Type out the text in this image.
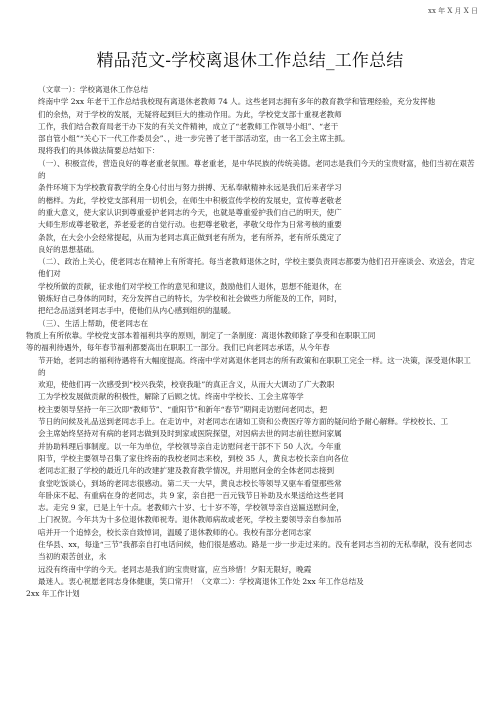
xx 年 X 月 X 日
精品范文-学校离退休工作总结_工作总结

（文章一）：学校离退休工作总结

终南中学 2xx 年老干工作总结我校现有离退休老教师 74 人。这些老同志拥有多年的教育教学和管理经验，充分发挥他

们的余热，对于学校的发展，无疑将起到巨大的推动作用。为此，学校党支部十重视老教师

工作，我们结合教育局老干办下发的有关文件精神，成立了“老教师工作领导小组”、“老干

部自管小组”“关心下一代工作委员会”、，进一步完善了老干部活动室，由一名工会主席主抓。

现将我们的具体做法简要总结如下：

（一）、积极宣传，营造良好的尊老重老氛围。尊老重老，是中华民族的传统美德。老同志是我们今天的宝贵财富，他们当初在艰苦的

条件环境下为学校教育教学的全身心付出与努力拼搏、无私奉献精神永远是我们后来者学习

的楷样。为此，学校党支部利用一切机会，在师生中积极宣传学校的发展史，宣传尊老敬老

的重大意义，使大家认识到尊重爱护老同志的今天，也就是尊重爱护我们自己的明天，使广

大师生形成尊老敬老，养老爱老的自觉行动。也把尊老敬老，孝敬父母作为日常考核的重要

条款，在大会小会经常提起，从而为老同志真正做到老有所为，老有所养，老有所乐奠定了

良好的思想基础。

（二）、政治上关心，使老同志在精神上有所寄托。每当老教师退休之时，学校主要负责同志都要为他们召开座谈会、欢送会，肯定他们对

学校所做的贡献，征求他们对学校工作的意见和建议，鼓励他们人退休，思想不能退休，在

锻炼好自己身体的同时，充分发挥自己的特长，为学校和社会做些力所能及的工作，同时，

把纪念品送到老同志手中，使他们从内心感到组织的温暖。

（三）、生活上帮助，使老同志在

物质上有所依靠。学校党支部本着福利共享的原则，制定了一条制度：离退休教师除了享受和在职职工同

等的福利待遇外，每年春节福利都要高出在职职工一部分。我们已向老同志承诺，从今年春

节开始，老同志的福利待遇将有大幅度提高。终南中学对离退休老同志的所有政策和在职职工完全一样。这一决策，深受退休职工的

欢迎，使他们再一次感受到“校兴我荣，校衰我耻”的真正含义，从而大大调动了广大教职

工为学校发展做贡献的积极性，解除了后顾之忧。终南中学校长、工会主席等学

校主要领导坚持一年三次即“教师节”、“重阳节”和新年“春节”期间走访慰问老同志，把

节日的问候及礼品送到老同志手上。在走访中，对老同志在诸如工资和公费医疗等方面的疑问给予耐心解释。学校校长、工

会主席始终坚持对有病的老同志做到及时到家或医院探望，对因病去世的同志前往慰问家属

并协助料理后事制度。以一年为单位，学校领导亲自走访慰问老干部不下 50 人次。今年重

阳节，学校主要领导召集了家住终南的我校老同志来校，到校 35 人，黄良志校长亲自向各位

老同志汇报了学校的最近几年的改建扩建及教育教学情况，并用慰问金的全体老同志接到

食堂吃饭谈心，到场的老同志很感动。第二天一大早，黄良志校长等领导又驱车看望那些常

年卧床不起、有重病在身的老同志，共 9 家，亲自把一百元钱节日补助及水果送给这些老同

志。走完 9 家，已是上午十点。老教师六十岁、七十岁不等，学校领导亲自送匾送慰问金，

上门祝贺。今年共为十多位退休教师祝寿。退休教师病故或老死，学校主要领导亲自参加吊

唁并开一个追悼会，校长亲自致悼词，温暖了退休教师的心。我校有部分老同志家

住华县、xx，每逢“三节”我都亲自打电话问候，他们很是感动。路是一步一步走过来的。没有老同志当初的无私奉献，没有老同志当初的艰苦创业，永

远没有终南中学的今天。老同志是我们的宝贵财富，应当珍惜！夕阳无限好，晚霞

最迷人。衷心祝愿老同志身体健康，笑口常开！（文章二）：学校离退休工作处 2xx 年工作总结及

2xx 年工作计划
